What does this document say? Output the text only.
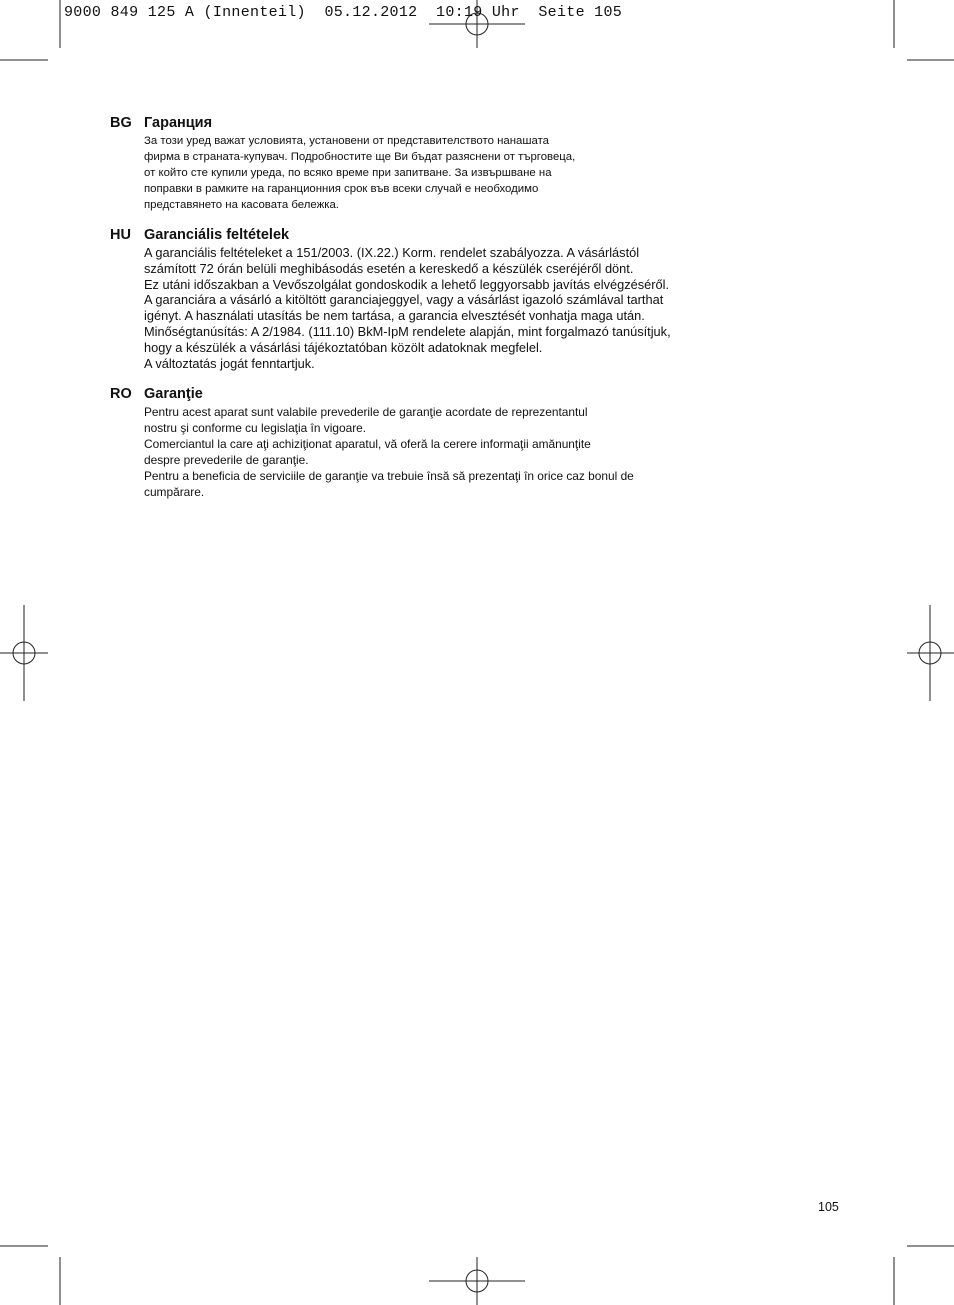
9000 849 125 A (Innenteil)  05.12.2012  10:19 Uhr  Seite 105
BG Гаранция
За този уред важат условията, установени от представителството нанашата
фирма в страната-купувач. Подробностите ще Ви бъдат разяснени от търговеца,
от който сте купили уреда, по всяко време при запитване. За извършване на
поправки в рамките на гаранционния срок във всеки случай е необходимо
представянето на касовата бележка.
HU Garanciális feltételek
A garanciális feltételeket a 151/2003. (IX.22.) Korm. rendelet szabályozza. A vásárlástól
számított 72 órán belüli meghibásodás esetén a kereskedő a készülék cseréjéről dönt.
Ez utáni időszakban a Vevőszolgálat gondoskodik a lehető leggyorsabb javítás elvégzéséről.
A garanciára a vásárló a kitöltött garanciajeggyel, vagy a vásárlást igazoló számlával tarthat
igényt. A használati utasítás be nem tartása, a garancia elvesztését vonhatja maga után.
Minőségtanúsítás: A 2/1984. (111.10) BkM-IpM rendelete alapján, mint forgalmazó tanúsítjuk,
hogy a készülék a vásárlási tájékoztatóban közölt adatoknak megfelel.
A változtatás jogát fenntartjuk.
RO Garanţie
Pentru acest aparat sunt valabile prevederile de garanţie acordate de reprezentantul
nostru şi conforme cu legislaţia în vigoare.
Comerciantul la care aţi achiziţionat aparatul, vă oferă la cerere informaţii amănunţite
despre prevederile de garanţie.
Pentru a beneficia de serviciile de garanţie va trebuie însă să prezentaţi în orice caz bonul de
cumpărare.
105
